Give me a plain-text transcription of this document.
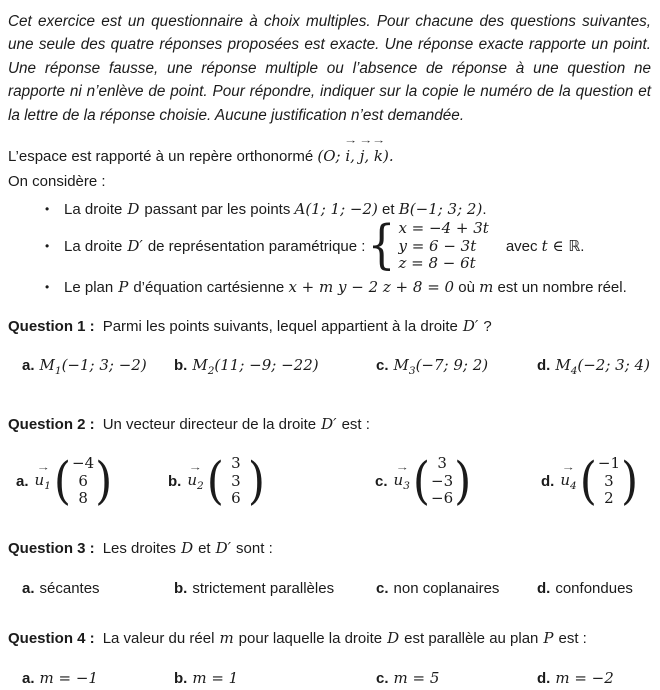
Cet exercice est un questionnaire à choix multiples. Pour chacune des questions suivantes, une seule des quatre réponses proposées est exacte. Une réponse exacte rapporte un point. Une réponse fausse, une réponse multiple ou l’absence de réponse à une question ne rapporte ni n’enlève de point. Pour répondre, indiquer sur la copie le numéro de la question et la lettre de la réponse choisie. Aucune justification n’est demandée.

L’espace est rapporté à un repère orthonormé (O;
→
i,
→
j,
→
k).

On considère :

• La droite D passant par les points A(1; 1; −2) et B(−1; 3; 2).
• La droite D′ de représentation paramétrique : { x = −4 + 3t
y = 6 − 3t
z = 8 − 6t
avec t ∈ ℝ.
• Le plan P d’équation cartésienne x + m y − 2 z + 8 = 0 où m est un nombre réel.

Question 1 : Parmi les points suivants, lequel appartient à la droite D′ ?

a. $M_1(-1$; 3; −2)	b. $M_2(11$; −9; −22)	c. $M_3(-7$; 9; 2)	d. $M_4(-2$; 3; 4)

Question 2 : Un vecteur directeur de la droite D′ est :

a.
→
$u_1$ ( −4
6
8 )	b.
→
$u_2$ ( 3
3
6 )	c.
→
$u_3$ ( 3
−3
−6 )	d.
→
$u_4$ ( −1
3
2 )

Question 3 : Les droites D et D′ sont :

a. sécantes	b. strictement parallèles	c. non coplanaires	d. confondues

Question 4 : La valeur du réel m pour laquelle la droite D est parallèle au plan P est :

a. m = −1	b. m = 1	c. m = 5	d. m = −2
